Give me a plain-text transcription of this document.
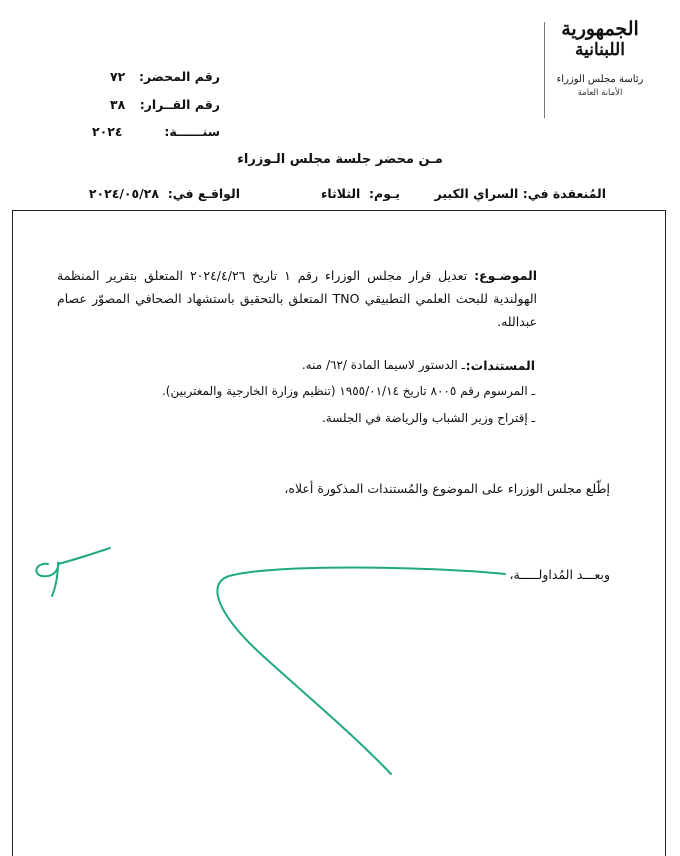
الجمهورية
اللبنانية
رئاسة مجلس الوزراء
الأمانة العامة
رقم المحضر:
٧٢
رقم القــرار:
٣٨
سنــــــة:
٢٠٢٤
مـن محضر جلسة مجلس الـوزراء
المُنعقدة في: السراي الكبير
يـوم:  الثلاثاء
الواقـع في:  ٢٠٢٤/٠٥/٢٨
الموضـوع: تعديل قرار مجلس الوزراء رقم ١ تاريخ ٢٠٢٤/٤/٢٦ المتعلق بتقرير المنظمة الهولندية للبحث العلمي التطبيقي TNO المتعلق بالتحقيق باستشهاد الصحافي المصوّر عصام عبدالله.
المستندات:
ـ الدستور لاسيما المادة /٦٢/ منه.
ـ المرسوم رقم ٨٠٠٥ تاريخ ١٩٥٥/٠١/١٤ (تنظيم وزارة الخارجية والمغتربين).
ـ إقتراح وزير الشباب والرياضة في الجلسة.
إطّلع مجلس الوزراء على الموضوع والمُستندات المذكورة أعلاه،
وبعـــد المُداولـــــة،
